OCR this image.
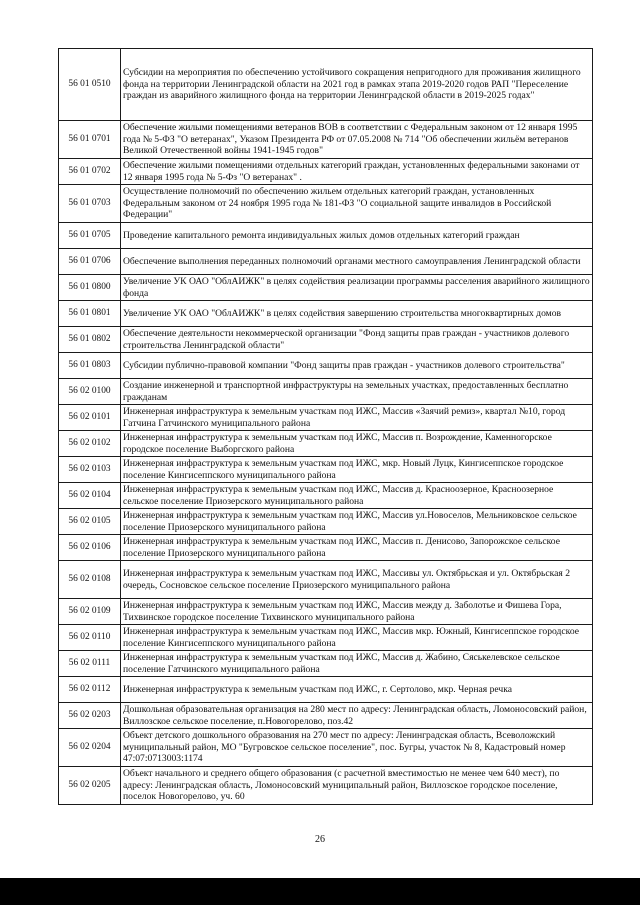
56 01 0510	Субсидии на мероприятия по обеспечению устойчивого сокращения непригодного для проживания жилищного фонда на территории Ленинградской области на 2021 год в рамках этапа 2019-2020 годов РАП "Переселение граждан из аварийного жилищного фонда на территории Ленинградской области в 2019-2025 годах"
56 01 0701	Обеспечение жилыми помещениями ветеранов ВОВ в соответствии с Федеральным законом от 12 января 1995 года № 5-ФЗ "О ветеранах", Указом Президента РФ от 07.05.2008 № 714 "Об обеспечении жильём ветеранов Великой Отечественной войны 1941-1945 годов"
56 01 0702	Обеспечение жилыми помещениями отдельных категорий граждан, установленных федеральными законами от 12 января 1995 года № 5-Фз "О ветеранах" .
56 01 0703	Осуществление полномочий по обеспечению жильем отдельных категорий граждан, установленных Федеральным законом от 24 ноября 1995 года № 181-ФЗ "О социальной защите инвалидов в Российской Федерации"
56 01 0705	Проведение капитального ремонта индивидуальных жилых домов отдельных категорий граждан
56 01 0706	Обеспечение выполнения переданных полномочий органами местного самоуправления Ленинградской области
56 01 0800	Увеличение УК ОАО "ОблАИЖК" в целях содействия реализации программы расселения аварийного жилищного фонда
56 01 0801	Увеличение УК ОАО "ОблАИЖК" в целях содействия завершению строительства многоквартирных домов
56 01 0802	Обеспечение деятельности некоммерческой организации "Фонд защиты прав граждан - участников долевого строительства Ленинградской области"
56 01 0803	Субсидии публично-правовой компании "Фонд защиты прав граждан - участников долевого строительства"
56 02 0100	Создание инженерной и транспортной инфраструктуры на земельных участках, предоставленных бесплатно гражданам
56 02 0101	Инженерная инфраструктура к земельным участкам под ИЖС, Массив «Заячий ремиз», квартал №10, город Гатчина Гатчинского муниципального района
56 02 0102	Инженерная инфраструктура к земельным участкам под ИЖС, Массив п. Возрождение, Каменногорское городское поселение Выборгского района
56 02 0103	Инженерная инфраструктура к земельным участкам под ИЖС, мкр. Новый Луцк, Кингисеппское городское поселение Кингисеппского муниципального района
56 02 0104	Инженерная инфраструктура к земельным участкам под ИЖС, Массив д. Красноозерное, Красноозерное сельское поселение Приозерского муниципального района
56 02 0105	Инженерная инфраструктура к земельным участкам под ИЖС, Массив ул.Новоселов, Мельниковское сельское поселение Приозерского муниципального района
56 02 0106	Инженерная инфраструктура к земельным участкам под ИЖС, Массив п. Денисово, Запорожское сельское поселение Приозерского муниципального района
56 02 0108	Инженерная инфраструктура к земельным участкам под ИЖС, Массивы ул. Октябрьская и ул. Октябрьская 2 очередь, Сосновское сельское поселение Приозерского муниципального района
56 02 0109	Инженерная инфраструктура к земельным участкам под ИЖС, Массив между д. Заболотье и Фишева Гора, Тихвинское городское поселение Тихвинского муниципального района
56 02 0110	Инженерная инфраструктура к земельным участкам под ИЖС, Массив мкр. Южный, Кингисеппское городское поселение Кингисеппского муниципального района
56 02 0111	Инженерная инфраструктура к земельным участкам под ИЖС, Массив д. Жабино, Сяськелевское сельское поселение Гатчинского муниципального района
56 02 0112	Инженерная инфраструктура к земельным участкам под ИЖС, г. Сертолово, мкр. Черная речка
56 02 0203	Дошкольная образовательная организация на 280 мест по адресу: Ленинградская область, Ломоносовский район, Виллозское сельское поселение, п.Новогорелово, поз.42
56 02 0204	Объект детского дошкольного образования на 270 мест по адресу: Ленинградская область, Всеволожский муниципальный район, МО "Бугровское сельское поселение", пос. Бугры, участок № 8, Кадастровый номер 47:07:0713003:1174
56 02 0205	Объект начального и среднего общего образования (с расчетной вместимостью не менее чем 640 мест), по адресу: Ленинградская область, Ломоносовский муниципальный район, Виллозское городское поселение, поселок Новогорелово, уч. 60
26
